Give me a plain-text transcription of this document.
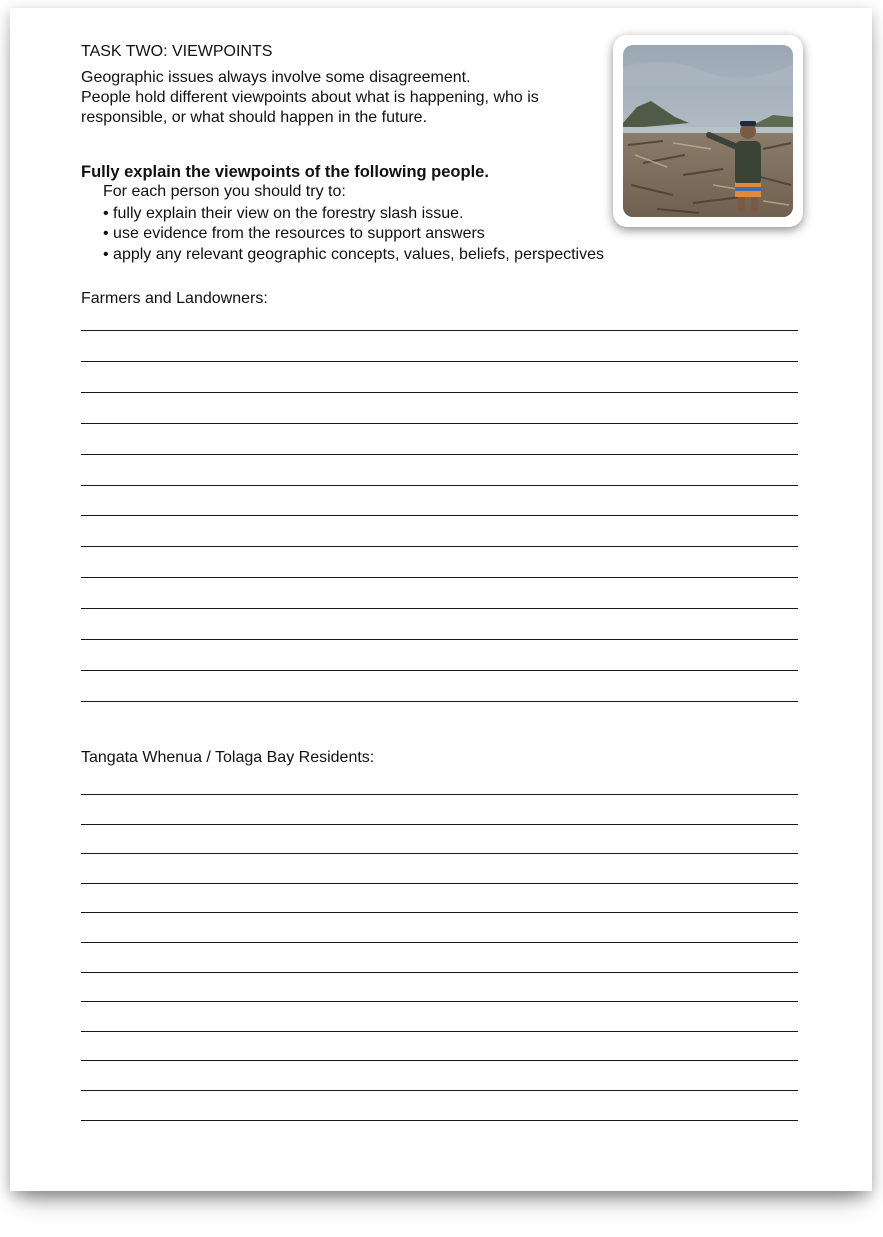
TASK TWO: VIEWPOINTS
Geographic issues always involve some disagreement.
People hold different viewpoints about what is happening, who is
responsible, or what should happen in the future.
Fully explain the viewpoints of the following people.
For each person you should try to:
• fully explain their view on the forestry slash issue.
• use evidence from the resources to support answers
• apply any relevant geographic concepts, values, beliefs, perspectives
Farmers and Landowners:
Tangata Whenua / Tolaga Bay Residents:
